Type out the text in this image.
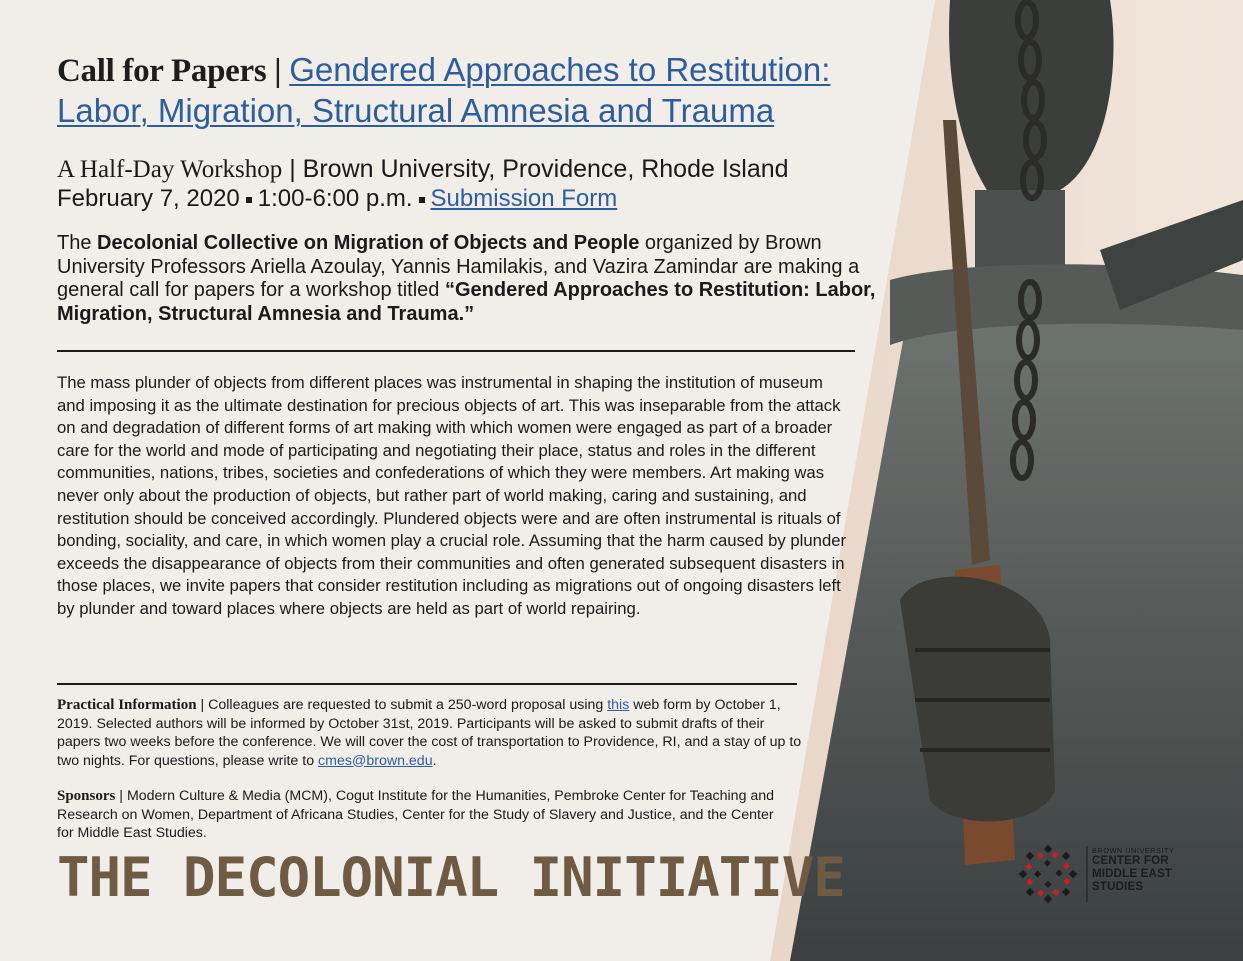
Call for Papers | Gendered Approaches to Restitution: Labor, Migration, Structural Amnesia and Trauma
A Half-Day Workshop | Brown University, Providence, Rhode Island
February 7, 2020 1:00-6:00 p.m. Submission Form
The Decolonial Collective on Migration of Objects and People organized by Brown University Professors Ariella Azoulay, Yannis Hamilakis, and Vazira Zamindar are making a general call for papers for a workshop titled “Gendered Approaches to Restitution: Labor, Migration, Structural Amnesia and Trauma.”
The mass plunder of objects from different places was instrumental in shaping the institution of museum and imposing it as the ultimate destination for precious objects of art. This was inseparable from the attack on and degradation of different forms of art making with which women were engaged as part of a broader care for the world and mode of participating and negotiating their place, status and roles in the different communities, nations, tribes, societies and confederations of which they were members. Art making was never only about the production of objects, but rather part of world making, caring and sustaining, and restitution should be conceived accordingly. Plundered objects were and are often instrumental is rituals of bonding, sociality, and care, in which women play a crucial role. Assuming that the harm caused by plunder exceeds the disappearance of objects from their communities and often generated subsequent disasters in those places, we invite papers that consider restitution including as migrations out of ongoing disasters left by plunder and toward places where objects are held as part of world repairing.
Practical Information | Colleagues are requested to submit a 250-word proposal using this web form by October 1, 2019. Selected authors will be informed by October 31st, 2019. Participants will be asked to submit drafts of their papers two weeks before the conference. We will cover the cost of transportation to Providence, RI, and a stay of up to two nights. For questions, please write to cmes@brown.edu.
Sponsors | Modern Culture & Media (MCM), Cogut Institute for the Humanities, Pembroke Center for Teaching and Research on Women, Department of Africana Studies, Center for the Study of Slavery and Justice, and the Center for Middle East Studies.
THE DECOLONIAL INITIATIVE	BROWN UNIVERSITY
CENTER FOR
MIDDLE EAST
STUDIES
